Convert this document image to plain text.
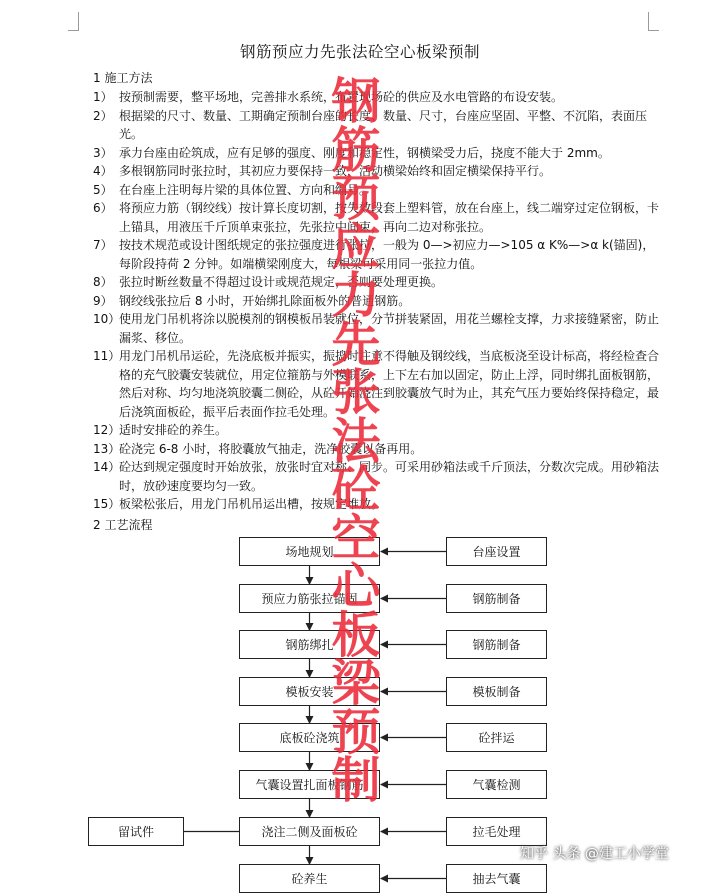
钢筋预应力先张法砼空心板梁预制
1 施工方法
1） 按预制需要，整平场地，完善排水系统，布置现场砼的供应及水电管路的布设安装。
2） 根据梁的尺寸、数量、工期确定预制台座的长度、数量、尺寸，台座应坚固、平整、不沉陷，表面压光。
3） 承力台座由砼筑成，应有足够的强度、刚度和稳定性，钢横梁受力后，挠度不能大于 2mm。
4） 多根钢筋同时张拉时，其初应力要保持一致，活动横梁始终和固定横梁保持平行。
5） 在台座上注明每片梁的具体位置、方向和编号。
6） 将预应力筋（钢绞线）按计算长度切割，按失效段套上塑料管，放在台座上，线二端穿过定位钢板，卡上锚具，用液压千斤顶单束张拉，先张拉中间束，再向二边对称张拉。
7） 按技术规范或设计图纸规定的张拉强度进行张拉，一般为 0—>初应力—>105 α K%—>α k(锚固)，每阶段持荷 2 分钟。如端横梁刚度大，每根梁可采用同一张拉力值。
8） 张拉时断丝数量不得超过设计或规范规定，否则要处理更换。
9） 钢绞线张拉后 8 小时，开始绑扎除面板外的普通钢筋。
10）
使用龙门吊机将涂以脱模剂的钢模板吊装就位，分节拼装紧固，用花兰螺栓支撑，力求接缝紧密，防止漏浆、移位。
11）
用龙门吊机吊运砼，先浇底板并振实，振捣时注意不得触及钢绞线，当底板浇至设计标高，将经检查合格的充气胶囊安装就位，用定位箍筋与外模联系，上下左右加以固定，防止上浮，同时绑扎面板钢筋，然后对称、均匀地浇筑胶囊二侧砼，从砼开始浇注到胶囊放气时为止，其充气压力要始终保持稳定，最后浇筑面板砼，振平后表面作拉毛处理。
12）
适时安排砼的养生。
13）
砼浇完 6-8 小时，将胶囊放气抽走，洗净胶囊以备再用。
14）
砼达到规定强度时开始放张，放张时宜对称、同步。可采用砂箱法或千斤顶法，分数次完成。用砂箱法时，放砂速度要均匀一致。
15）
板梁松张后，用龙门吊机吊运出槽，按规定堆放。
2 工艺流程
场地规划
预应力筋张拉锚固
钢筋绑扎
模板安装
底板砼浇筑
气囊设置扎面板钢筋
浇注二侧及面板砼
砼养生
台座设置
钢筋制备
钢筋制备
模板制备
砼拌运
气囊检测
拉毛处理
抽去气囊
留试件
钢
筋
预
应
力
先
张
法
砼
空
心
板
梁
预
制
知乎 头条 @建工小学堂
